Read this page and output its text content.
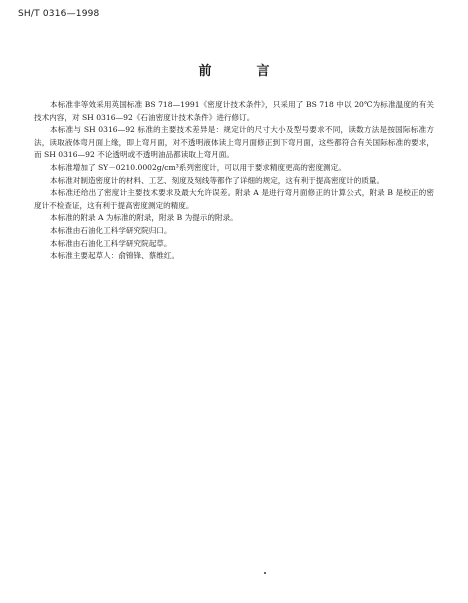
SH/T 0316—1998
前　言

本标准非等效采用英国标准 BS 718—1991《密度计技术条件》，只采用了 BS 718 中以 20℃为标准温度的有关技术内容，对 SH 0316—92《石油密度计技术条件》进行修订。

本标准与 SH 0316—92 标准的主要技术差异是：规定计的尺寸大小及型号要求不同，读数方法是按国际标准方法，读取液体弯月面上缘，即上弯月面，对不透明液体读上弯月面修正到下弯月面，这些都符合有关国际标准的要求，而 SH 0316—92 不论透明或不透明油品都读取上弯月面。

本标准增加了 SY－0210.0002g/cm³系列密度计，可以用于要求精度更高的密度测定。

本标准对制造密度计的材料、工艺、刻度及刻线等都作了详细的规定，这有利于提高密度计的质量。

本标准还给出了密度计主要技术要求及最大允许误差。附录 A 是进行弯月面修正的计算公式，附录 B 是校正的密度计不检查证，这有利于提高密度测定的精度。

本标准的附录 A 为标准的附录，附录 B 为提示的附录。

本标准由石油化工科学研究院归口。

本标准由石油化工科学研究院起草。

本标准主要起草人：俞锦锋、蔡维红。
